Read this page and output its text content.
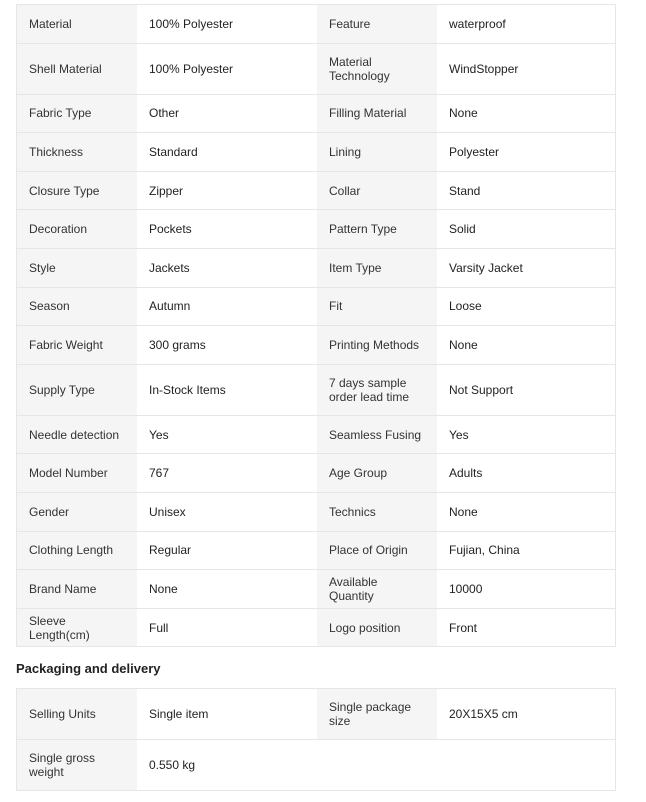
Material	100% Polyester	Feature	waterproof
Shell Material	100% Polyester	Material Technology	WindStopper
Fabric Type	Other	Filling Material	None
Thickness	Standard	Lining	Polyester
Closure Type	Zipper	Collar	Stand
Decoration	Pockets	Pattern Type	Solid
Style	Jackets	Item Type	Varsity Jacket
Season	Autumn	Fit	Loose
Fabric Weight	300 grams	Printing Methods	None
Supply Type	In-Stock Items	7 days sample order lead time	Not Support
Needle detection	Yes	Seamless Fusing	Yes
Model Number	767	Age Group	Adults
Gender	Unisex	Technics	None
Clothing Length	Regular	Place of Origin	Fujian, China
Brand Name	None	Available Quantity	10000
Sleeve Length(cm)	Full	Logo position	Front
Packaging and delivery
Selling Units	Single item	Single package size	20X15X5 cm
Single gross weight	0.550 kg
